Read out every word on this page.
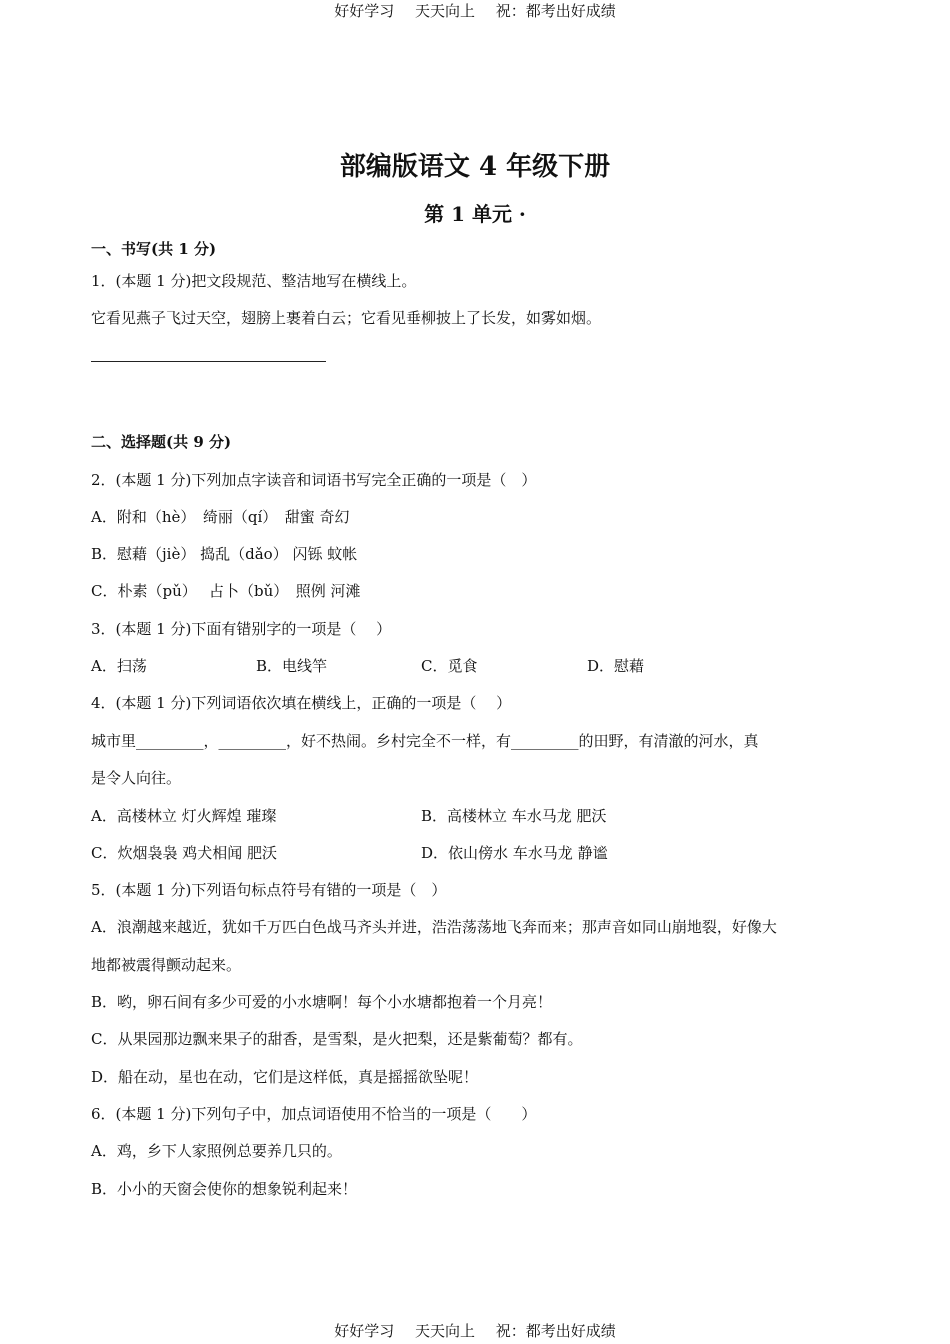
好好学习 天天向上 祝：都考出好成绩
部编版语文 4 年级下册
第 1 单元 ·
一、书写(共 1 分)
1．(本题 1 分)把文段规范、整洁地写在横线上。
它看见燕子飞过天空，翅膀上裹着白云；它看见垂柳披上了长发，如雾如烟。
二、选择题(共 9 分)
2．(本题 1 分)下列加点字读音和词语书写完全正确的一项是（　）
A．附和（hè）　绮丽（qí）　甜蜜 奇幻
B．慰藉（jiè） 捣乱（dǎo） 闪铄 蚊帐
C．朴素（pǔ）　 占卜（bǔ）　照例 河滩
3．(本题 1 分)下面有错别字的一项是（　 ）
A．扫荡	B．电线竿	C．觅食	D．慰藉
4．(本题 1 分)下列词语依次填在横线上，正确的一项是（　 ）
城市里_________，_________，好不热闹。乡村完全不一样，有_________的田野，有清澈的河水，真
是令人向往。
A．高楼林立 灯火辉煌 璀璨	B．高楼林立 车水马龙 肥沃
C．炊烟袅袅 鸡犬相闻 肥沃	D．依山傍水 车水马龙 静谧
5．(本题 1 分)下列语句标点符号有错的一项是（　）
A．浪潮越来越近，犹如千万匹白色战马齐头并进，浩浩荡荡地飞奔而来；那声音如同山崩地裂，好像大
地都被震得颤动起来。
B．哟，卵石间有多少可爱的小水塘啊！每个小水塘都抱着一个月亮！
C．从果园那边飘来果子的甜香，是雪梨，是火把梨，还是紫葡萄？都有。
D．船在动，星也在动，它们是这样低，真是摇摇欲坠呢！
6．(本题 1 分)下列句子中，加点词语使用不恰当的一项是（　　）
A．鸡，乡下人家照例总要养几只的。
B．小小的天窗会使你的想象锐利起来！
好好学习 天天向上 祝：都考出好成绩
